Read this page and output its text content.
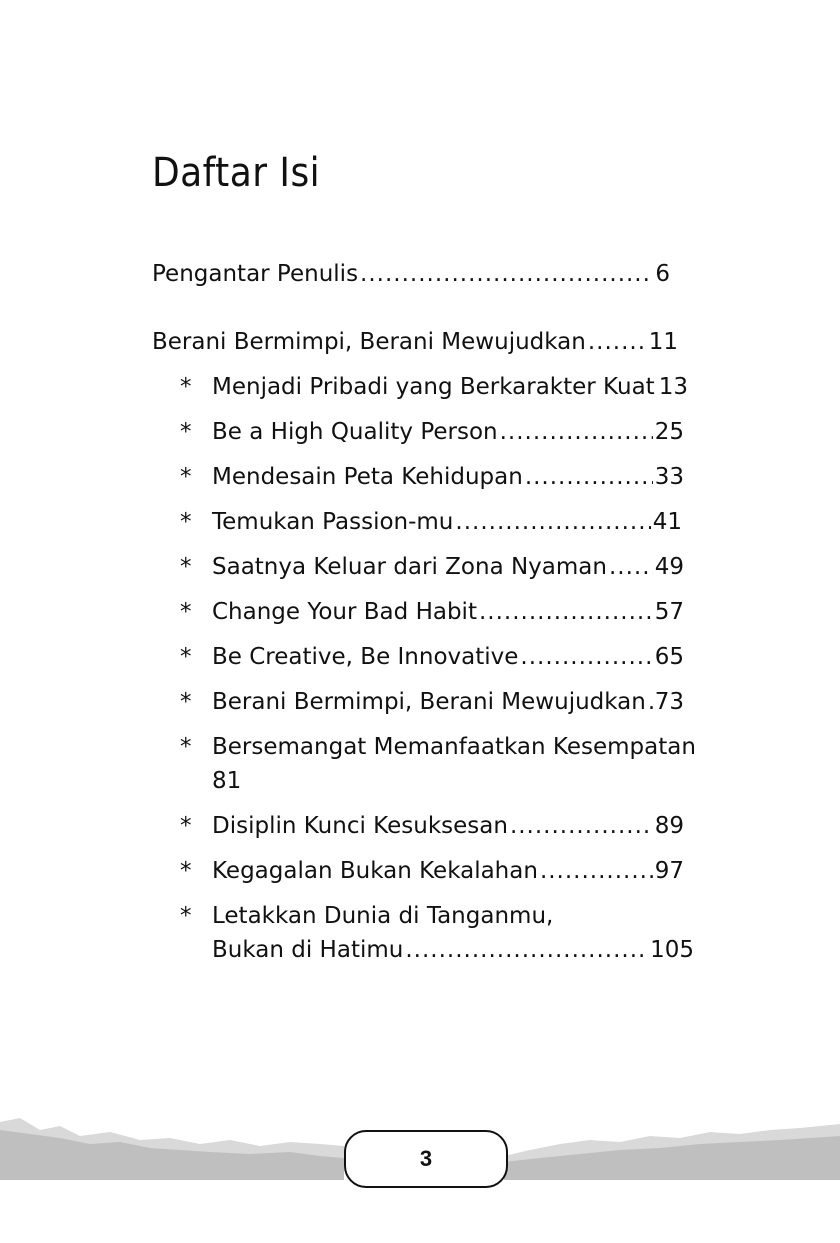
Daftar Isi
Pengantar Penulis .....	6
Berani Bermimpi, Berani Mewujudkan .....	11
* Menjadi Pribadi yang Berkarakter Kuat 13
* Be a High Quality Person .....	25
* Mendesain Peta Kehidupan .....	33
* Temukan Passion-mu .....	41
* Saatnya Keluar dari Zona Nyaman ..... 49
* Change Your Bad Habit .....	57
* Be Creative, Be Innovative .....	65
* Berani Bermimpi, Berani Mewujudkan ..... 73
* Bersemangat Memanfaatkan Kesempatan
81
* Disiplin Kunci Kesuksesan .....	89
* Kegagalan Bukan Kekalahan .....	97
* Letakkan Dunia di Tanganmu,
Bukan di Hatimu .....	105
3
